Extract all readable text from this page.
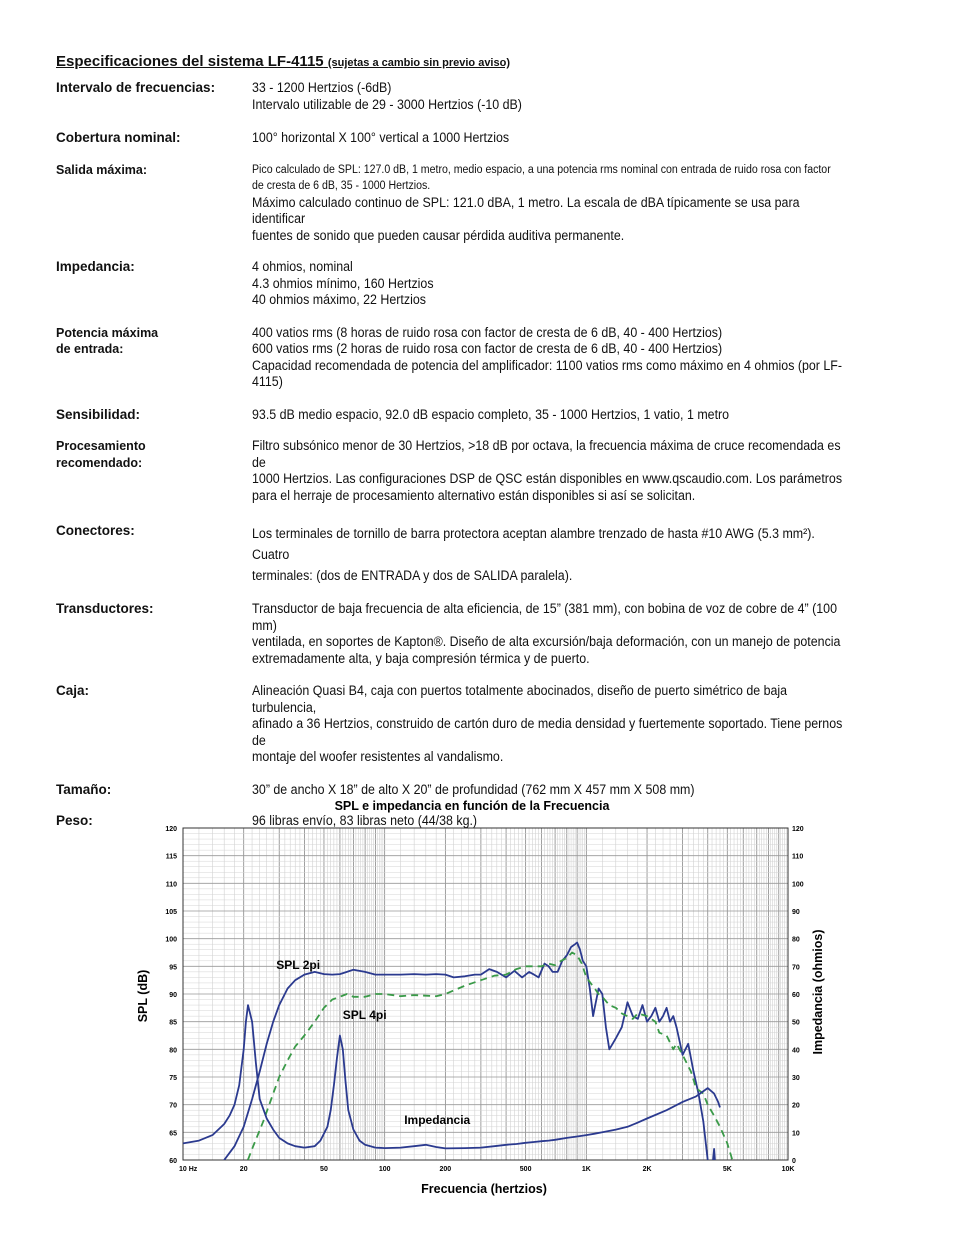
Especificaciones del sistema LF-4115 (sujetas a cambio sin previo aviso)
Intervalo de frecuencias:	33 - 1200 Hertzios (-6dB)
Intervalo utilizable de 29 - 3000 Hertzios (-10 dB)
Cobertura nominal:	100° horizontal X 100° vertical a 1000 Hertzios
Salida máxima:	Pico calculado de SPL: 127.0 dB, 1 metro, medio espacio, a una potencia rms nominal con entrada de ruido rosa con factor
de cresta de 6 dB, 35 - 1000 Hertzios.
Máximo calculado continuo de SPL: 121.0 dBA, 1 metro. La escala de dBA típicamente se usa para identificar
fuentes de sonido que pueden causar pérdida auditiva permanente.
Impedancia:	4 ohmios, nominal
4.3 ohmios mínimo, 160 Hertzios
40 ohmios máximo, 22 Hertzios
Potencia máxima
de entrada:
400 vatios rms (8 horas de ruido rosa con factor de cresta de 6 dB, 40 - 400 Hertzios)
600 vatios rms (2 horas de ruido rosa con factor de cresta de 6 dB, 40 - 400 Hertzios)
Capacidad recomendada de potencia del amplificador: 1100 vatios rms como máximo en 4 ohmios (por LF-
4115)
Sensibilidad:	93.5 dB medio espacio, 92.0 dB espacio completo, 35 - 1000 Hertzios, 1 vatio, 1 metro
Procesamiento
recomendado:
Filtro subsónico menor de 30 Hertzios, >18 dB por octava, la frecuencia máxima de cruce recomendada es de
1000 Hertzios. Las configuraciones DSP de QSC están disponibles en www.qscaudio.com. Los parámetros
para el herraje de procesamiento alternativo están disponibles si así se solicitan.
Conectores:	Los terminales de tornillo de barra protectora aceptan alambre trenzado de hasta #10 AWG (5.3 mm²). Cuatro
terminales: (dos de ENTRADA y dos de SALIDA paralela).
Transductores:	Transductor de baja frecuencia de alta eficiencia, de 15” (381 mm), con bobina de voz de cobre de 4” (100 mm)
ventilada, en soportes de Kapton®. Diseño de alta excursión/baja deformación, con un manejo de potencia
extremadamente alta, y baja compresión térmica y de puerto.
Caja:	Alineación Quasi B4, caja con puertos totalmente abocinados, diseño de puerto simétrico de baja turbulencia,
afinado a 36 Hertzios, construido de cartón duro de media densidad y fuertemente soportado. Tiene pernos de
montaje del woofer resistentes al vandalismo.
Tamaño:	30” de ancho X 18” de alto X 20” de profundidad (762 mm X 457 mm X 508 mm)
Peso:	96 libras envío, 83 libras neto (44/38 kg.)
SPL e impedancia en función de la Frecuencia
Frecuencia (hertzios)
SPL (dB)	Impedancia (ohmios)
60
65
70
75
80
85
90
95
100
105
110
115
120
0
10
20
30
40
50
60
70
80
90
100
110
120
10 Hz	20	50	100	200	500	1K	2K	5K	10K
SPL 2pi
SPL 4pi
Impedancia
